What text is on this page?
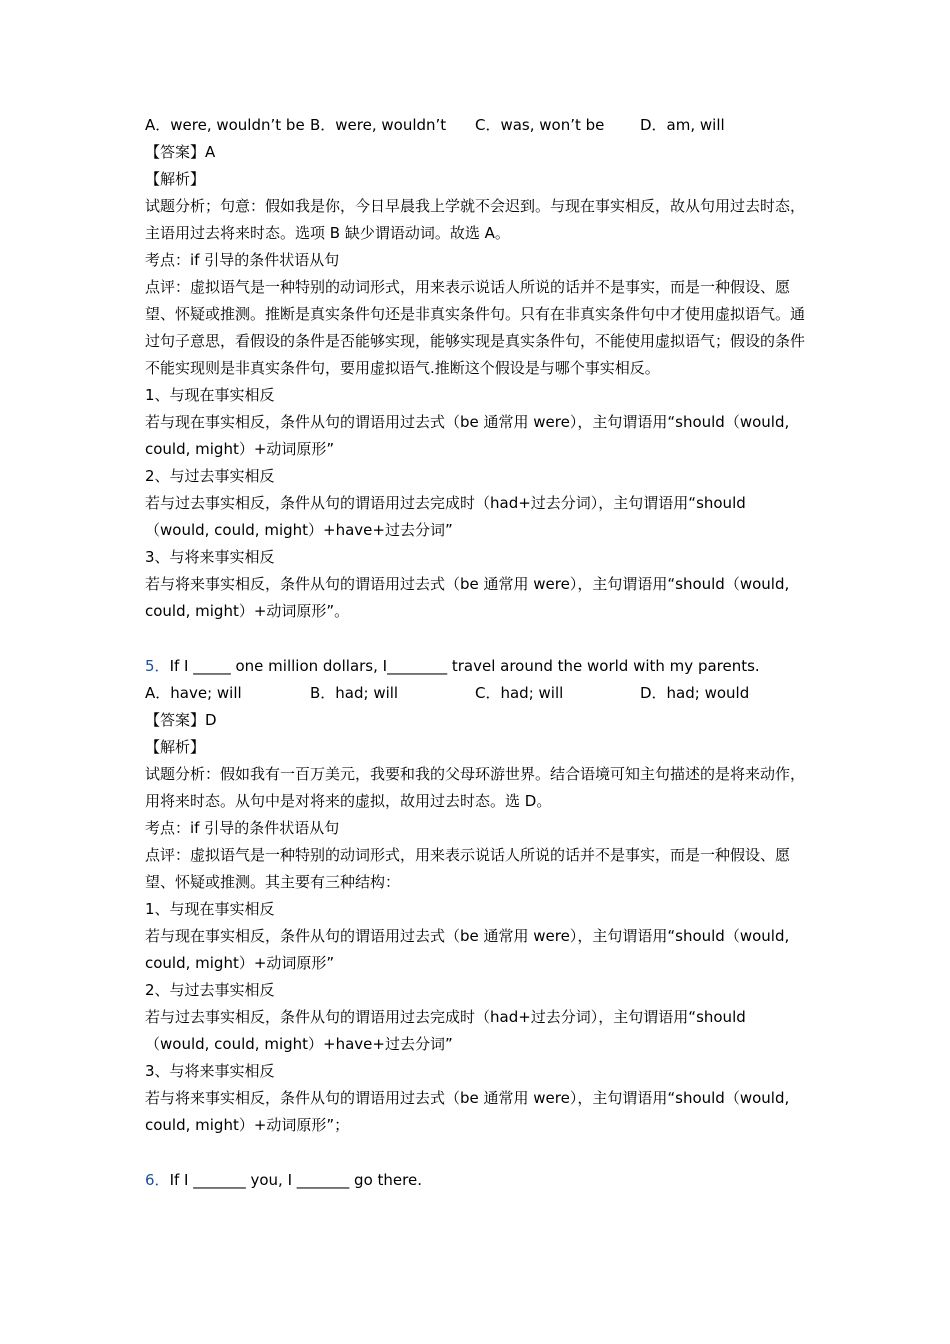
A．were, wouldn’t be B．were, wouldn’t	C．was, won’t be	D．am, will
【答案】A
【解析】
试题分析；句意：假如我是你，今日早晨我上学就不会迟到。与现在事实相反，故从句用过去时态，主语用过去将来时态。选项 B 缺少谓语动词。故选 A。
考点：if 引导的条件状语从句
点评：虚拟语气是一种特别的动词形式，用来表示说话人所说的话并不是事实，而是一种假设、愿望、怀疑或推测。推断是真实条件句还是非真实条件句。只有在非真实条件句中才使用虚拟语气。通过句子意思，看假设的条件是否能够实现，能够实现是真实条件句，不能使用虚拟语气；假设的条件不能实现则是非真实条件句，要用虚拟语气.推断这个假设是与哪个事实相反。
1、与现在事实相反
若与现在事实相反，条件从句的谓语用过去式（be 通常用 were），主句谓语用“should（would, could, might）+动词原形”
2、与过去事实相反
若与过去事实相反，条件从句的谓语用过去完成时（had+过去分词），主句谓语用“should （would, could, might）+have+过去分词”
3、与将来事实相反
若与将来事实相反，条件从句的谓语用过去式（be 通常用 were），主句谓语用“should（would, could, might）+动词原形”。
5．If I _____ one million dollars, I________ travel around the world with my parents.
A．have; will	B．had; will	C．had; will	D．had; would
【答案】D
【解析】
试题分析：假如我有一百万美元，我要和我的父母环游世界。结合语境可知主句描述的是将来动作，用将来时态。从句中是对将来的虚拟，故用过去时态。选 D。
考点：if 引导的条件状语从句
点评：虚拟语气是一种特别的动词形式，用来表示说话人所说的话并不是事实，而是一种假设、愿望、怀疑或推测。其主要有三种结构：
1、与现在事实相反
若与现在事实相反，条件从句的谓语用过去式（be 通常用 were），主句谓语用“should（would, could, might）+动词原形”
2、与过去事实相反
若与过去事实相反，条件从句的谓语用过去完成时（had+过去分词），主句谓语用“should （would, could, might）+have+过去分词”
3、与将来事实相反
若与将来事实相反，条件从句的谓语用过去式（be 通常用 were），主句谓语用“should（would, could, might）+动词原形”；
6．If I _______ you, I _______ go there.
